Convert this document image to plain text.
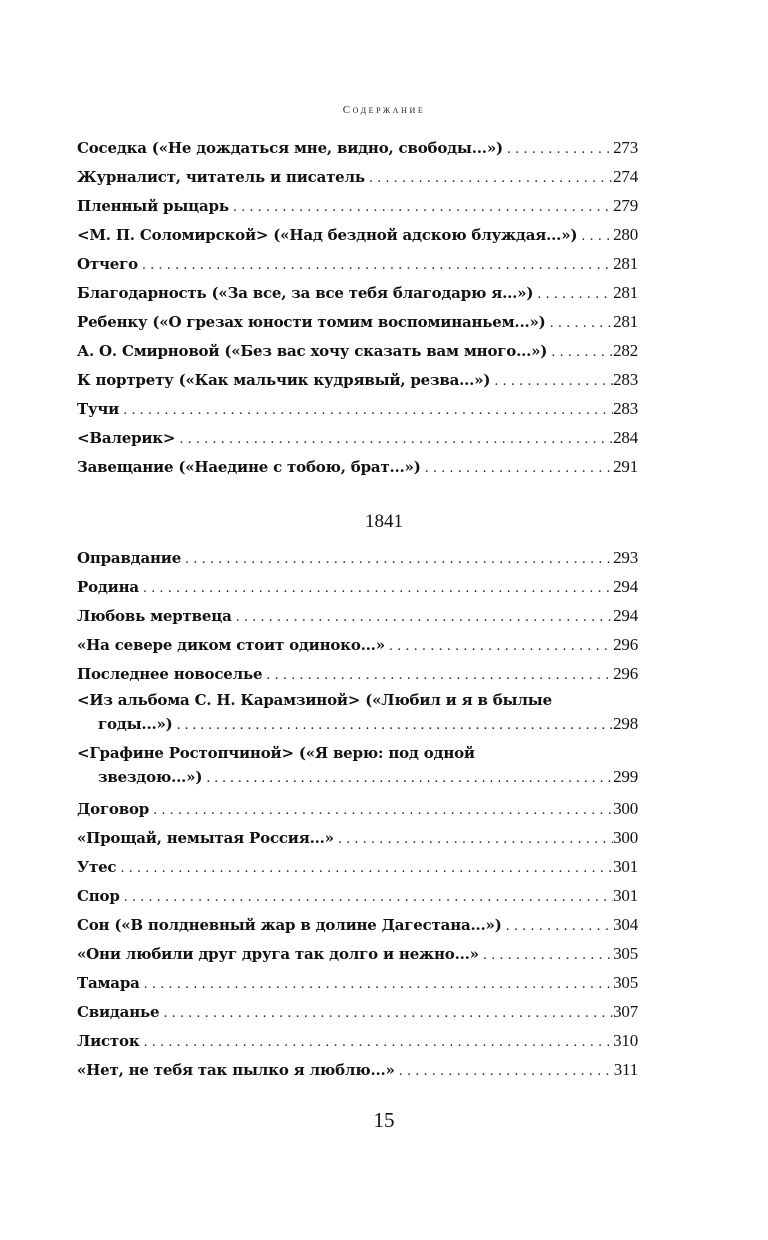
Содержание
Соседка («Не дождаться мне, видно, свободы...») . . .	273
Журналист, читатель и писатель . . .	274
Пленный рыцарь . . .	279
<М. П. Соломирской> («Над бездной адскою блуждая...») . . . 280
Отчего . . .	281
Благодарность («За все, за все тебя благодарю я...») . . .	281
Ребенку («О грезах юности томим воспоминаньем...») . . .	281
А. О. Смирновой («Без вас хочу сказать вам много...») . . .	282
К портрету («Как мальчик кудрявый, резва...») . . .	283
Тучи . . .	283
<Валерик> . . .	284
Завещание («Наедине с тобою, брат...») . . .	291
1841
Оправдание . . .	293
Родина . . .	294
Любовь мертвеца . . .	294
«На севере диком стоит одиноко...» . . .	296
Последнее новоселье . . .	296
<Из альбома С. Н. Карамзиной> («Любил и я в былые
годы...») . . .	298
<Графине Ростопчиной> («Я верю: под одной
звездою...») . . .	299
Договор . . .	300
«Прощай, немытая Россия...» . . .	300
Утес . . .	301
Спор . . .	301
Сон («В полдневный жар в долине Дагестана...») . . .	304
«Они любили друг друга так долго и нежно...» . . .	305
Тамара . . .	305
Свиданье . . .	307
Листок . . .	310
«Нет, не тебя так пылко я люблю...» . . .	311
15
